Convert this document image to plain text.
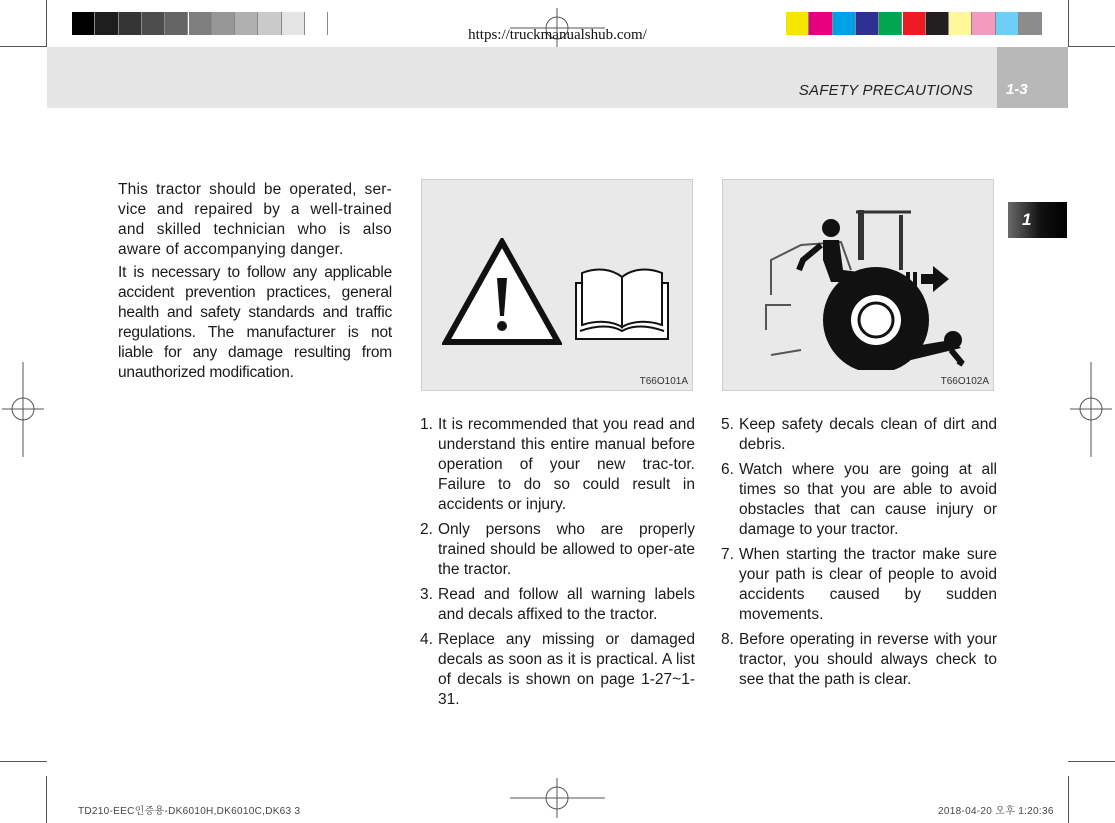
https://truckmanualshub.com/
SAFETY PRECAUTIONS 1-3
1

This tractor should be operated, ser-vice and repaired by a well-trained and skilled technician who is also aware of accompanying danger.

It is necessary to follow any applicable accident prevention practices, general health and safety standards and traffic regulations. The manufacturer is not liable for any damage resulting from unauthorized modification.

T66O101A	T66O102A
1. It is recommended that you read and understand this entire manual before operation of your new trac-tor. Failure to do so could result in accidents or injury.
2. Only persons who are properly trained should be allowed to oper-ate the tractor.
3. Read and follow all warning labels and decals affixed to the tractor.
4. Replace any missing or damaged decals as soon as it is practical. A list of decals is shown on page 1-27~1-31.
5. Keep safety decals clean of dirt and debris.
6. Watch where you are going at all times so that you are able to avoid obstacles that can cause injury or damage to your tractor.
7. When starting the tractor make sure your path is clear of people to avoid accidents caused by sudden movements.
8. Before operating in reverse with your tractor, you should always check to see that the path is clear.
TD210-EEC인증용-DK6010H,DK6010C,DK63 3	2018-04-20 오후 1:20:36
